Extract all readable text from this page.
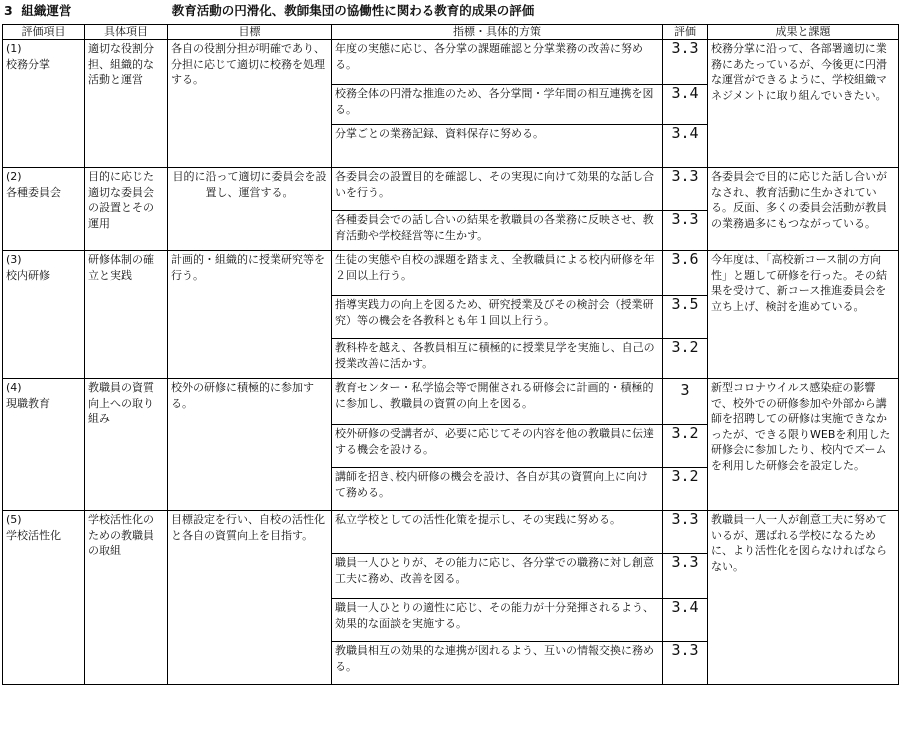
3 組織運営	教育活動の円滑化、教師集団の協働性に関わる教育的成果の評価
評価項目	具体項目	目標	指標・具体的方策	評価	成果と課題

(1)
校務分掌	適切な役割分担、組織的な活動と運営	各自の役割分担が明確であり、分担に応じて適切に校務を処理する。	年度の実態に応じ、各分掌の課題確認と分掌業務の改善に努める。	3.3	校務分掌に沿って、各部署適切に業務にあたっているが、今後更に円滑な運営ができるように、学校組織マネジメントに取り組んでいきたい。
			校務全体の円滑な推進のため、各分掌間・学年間の相互連携を図る。	3.4	
			分掌ごとの業務記録、資料保存に努める。	3.4	

(2)
各種委員会	目的に応じた適切な委員会の設置とその運用	目的に沿って適切に委員会を設置し、運営する。	各委員会の設置目的を確認し、その実現に向けて効果的な話し合いを行う。	3.3	各委員会で目的に応じた話し合いがなされ、教育活動に生かされている。反面、多くの委員会活動が教員の業務過多にもつながっている。
			各種委員会での話し合いの結果を教職員の各業務に反映させ、教育活動や学校経営等に生かす。	3.3	

(3)
校内研修	研修体制の確立と実践	計画的・組織的に授業研究等を行う。	生徒の実態や自校の課題を踏まえ、全教職員による校内研修を年２回以上行う。	3.6	今年度は、「高校新コース制の方向性」と題して研修を行った。その結果を受けて、新コース推進委員会を立ち上げ、検討を進めている。
			指導実践力の向上を図るため、研究授業及びその検討会（授業研究）等の機会を各教科とも年１回以上行う。	3.5	
			教科枠を越え、各教員相互に積極的に授業見学を実施し、自己の授業改善に活かす。	3.2	

(4)
現職教育	教職員の資質向上への取り組み	校外の研修に積極的に参加する。	教育センター・私学協会等で開催される研修会に計画的・積極的に参加し、教職員の資質の向上を図る。	3	新型コロナウイルス感染症の影響で、校外での研修参加や外部から講師を招聘しての研修は実施できなかったが、できる限りWEBを利用した研修会に参加したり、校内でズームを利用した研修会を設定した。
			校外研修の受講者が、必要に応じてその内容を他の教職員に伝達する機会を設ける。	3.2	
			講師を招き､校内研修の機会を設け、各自が其の資質向上に向けて務める。	3.2	

(5)
学校活性化	学校活性化のための教職員の取組	目標設定を行い、自校の活性化と各自の資質向上を目指す。	私立学校としての活性化策を提示し、その実践に努める。	3.3	教職員一人一人が創意工夫に努めているが、選ばれる学校になるために、より活性化を図らなければならない。
			職員一人ひとりが、その能力に応じ、各分掌での職務に対し創意工夫に務め、改善を図る。	3.3	
			職員一人ひとりの適性に応じ、その能力が十分発揮されるよう、効果的な面談を実施する。	3.4	
			教職員相互の効果的な連携が図れるよう、互いの情報交換に務める。	3.3	
